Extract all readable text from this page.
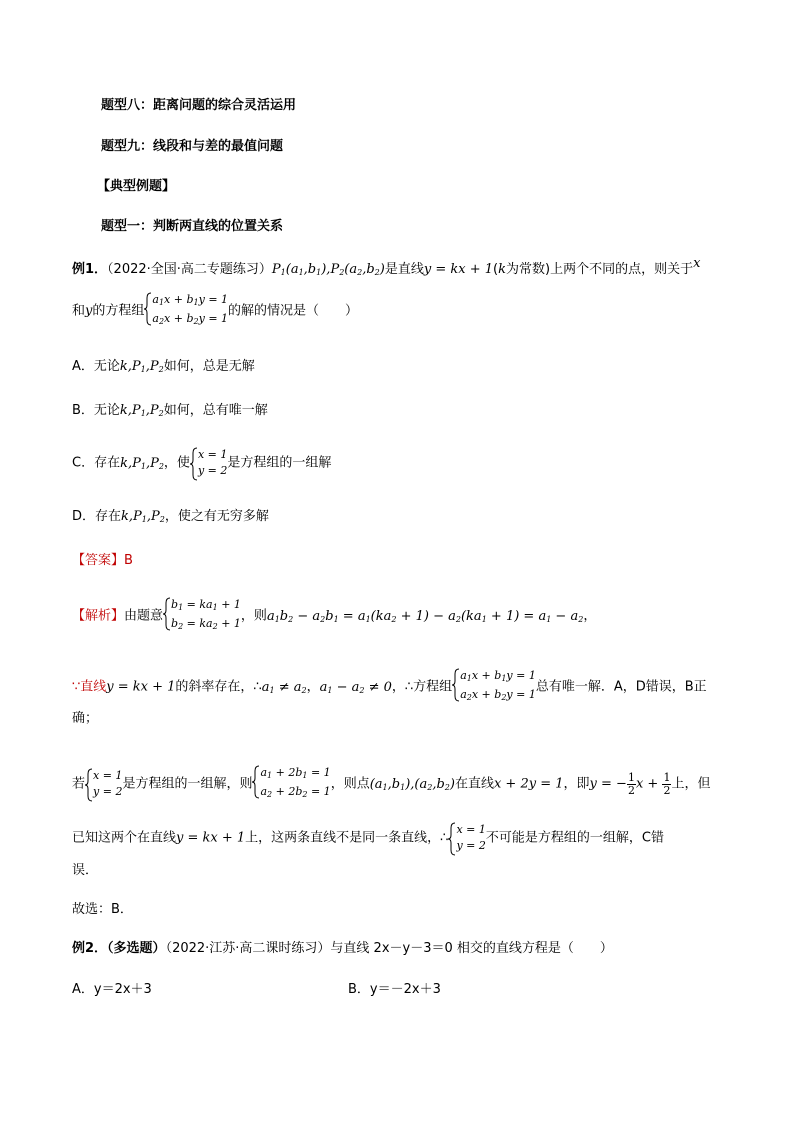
题型八：距离问题的综合灵活运用
题型九：线段和与差的最值问题
【典型例题】
题型一：判断两直线的位置关系
例1．（2022·全国·高二专题练习）$P_1(a_1,b_1),P_2(a_2,b_2)$是直线y = kx + 1(k为常数)上两个不同的点，则关于x
和y的方程组
$a_1x + b_1y = 1$
$a_2x + b_2y = 1$ 的解的情况是（　　）
A．无论$k,P_1,P_2$如何，总是无解
B．无论$k,P_1,P_2$如何，总有唯一解
C．存在$k,P_1,P_2$，使
x = 1
y = 2 是方程组的一组解
D．存在$k,P_1,P_2$，使之有无穷多解
【答案】B
【解析】由题意
$b_1 = ka_1 + 1$
$b_2 = ka_2 + 1$ ，则$a_1b_2 - a_2b_1 = a_1(ka_2 + 1) - a_2(ka_1 + 1) = a_1 - a_2$，
∵直线y = kx + 1的斜率存在，$\therefore a_1 \ne a_2$，$a_1 - a_2 \ne 0$，∴方程组
$a_1x + b_1y = 1$
$a_2x + b_2y = 1$ 总有唯一解．A，D错误，B正
确；
若
x = 1
y = 2 是方程组的一组解，则
$a_1 + 2b_1 = 1$
$a_2 + 2b_2 = 1$ ，则点$(a_1,b_1),(a_2,b_2)$在直线x + 2y = 1，即y = − $\frac{1}{2}$ $x + \frac{1}{2}$ 上，但
已知这两个在直线y = kx + 1上，这两条直线不是同一条直线，∴
x = 1
y = 2 不可能是方程组的一组解，C错
误．
故选：B．
例2．（多选题）（2022·江苏·高二课时练习）与直线 2x－y－3＝0 相交的直线方程是（　　）
A．y＝2x＋3	B．y＝－2x＋3
